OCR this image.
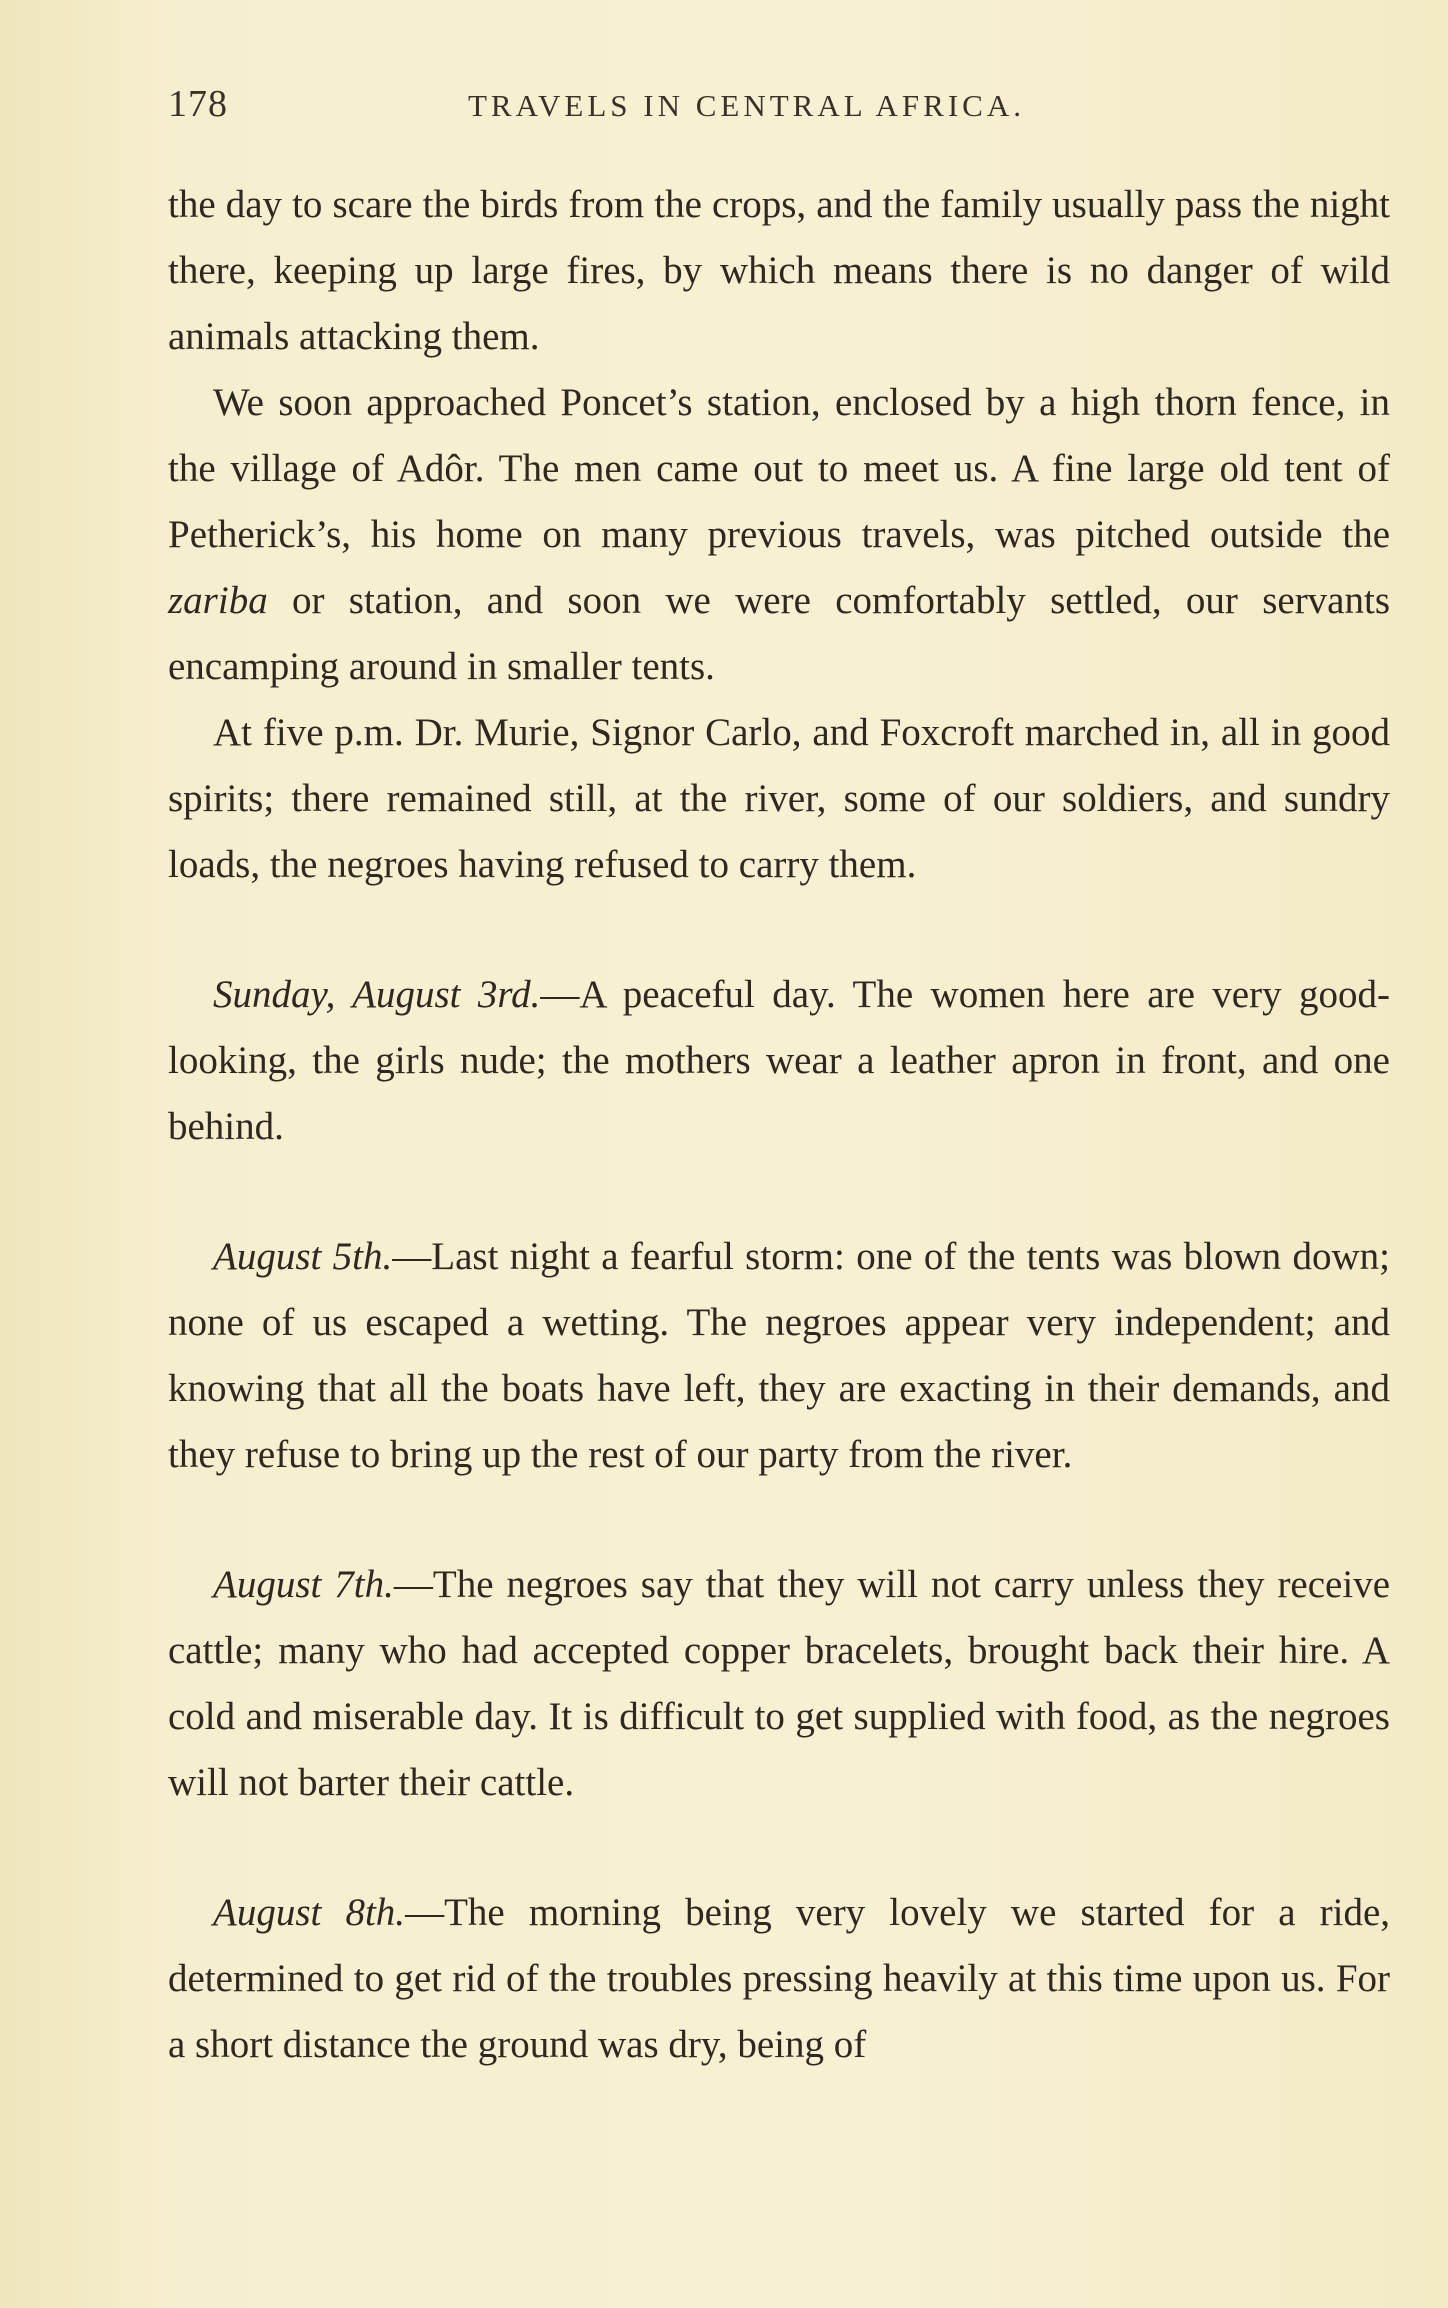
178	TRAVELS IN CENTRAL AFRICA.

the day to scare the birds from the crops, and the family usually pass the night there, keeping up large fires, by which means there is no danger of wild animals attacking them.

We soon approached Poncet’s station, enclosed by a high thorn fence, in the village of Adôr. The men came out to meet us. A fine large old tent of Petherick’s, his home on many previous travels, was pitched outside the zariba or station, and soon we were comfortably settled, our servants encamping around in smaller tents.

At five p.m. Dr. Murie, Signor Carlo, and Foxcroft marched in, all in good spirits; there remained still, at the river, some of our soldiers, and sundry loads, the negroes having refused to carry them.

Sunday, August 3rd.—A peaceful day. The women here are very good-looking, the girls nude; the mothers wear a leather apron in front, and one behind.

August 5th.—Last night a fearful storm: one of the tents was blown down; none of us escaped a wetting. The negroes appear very independent; and knowing that all the boats have left, they are exacting in their demands, and they refuse to bring up the rest of our party from the river.

August 7th.—The negroes say that they will not carry unless they receive cattle; many who had accepted copper bracelets, brought back their hire. A cold and miserable day. It is difficult to get supplied with food, as the negroes will not barter their cattle.

August 8th.—The morning being very lovely we started for a ride, determined to get rid of the troubles pressing heavily at this time upon us. For a short distance the ground was dry, being of
